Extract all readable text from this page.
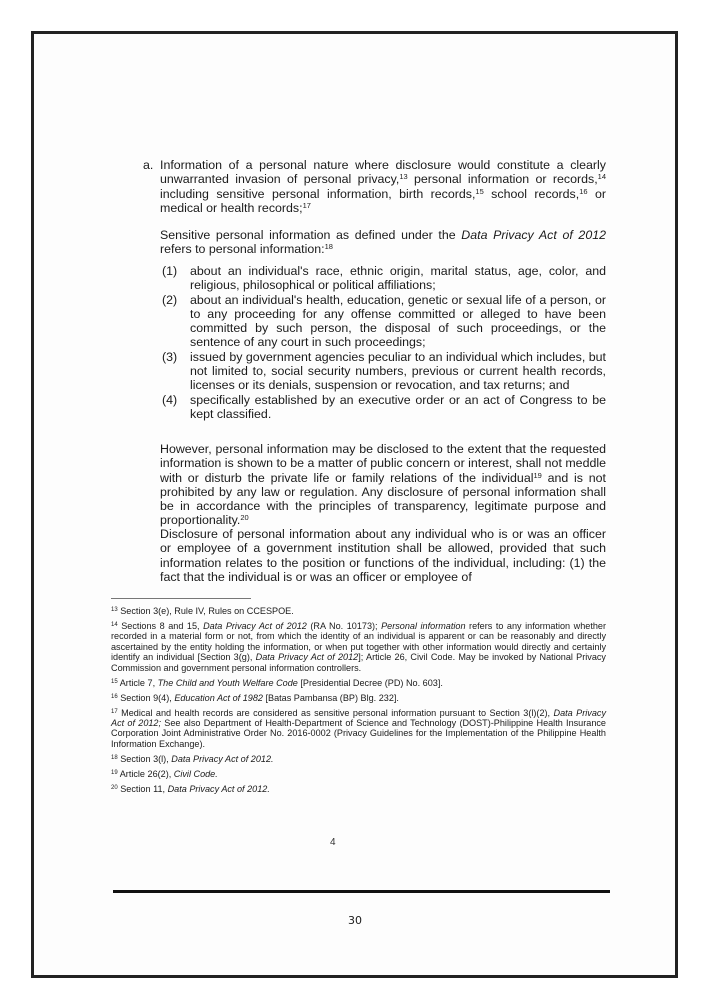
a. Information of a personal nature where disclosure would constitute a clearly unwarranted invasion of personal privacy,$^{13}$ personal information or records,$^{14}$ including sensitive personal information, birth records,$^{15}$ school records,$^{16}$ or medical or health records;$^{17}$

Sensitive personal information as defined under the Data Privacy Act of 2012 refers to personal information:$^{18}$

(1) about an individual's race, ethnic origin, marital status, age, color, and religious, philosophical or political affiliations;
(2) about an individual's health, education, genetic or sexual life of a person, or to any proceeding for any offense committed or alleged to have been committed by such person, the disposal of such proceedings, or the sentence of any court in such proceedings;
(3) issued by government agencies peculiar to an individual which includes, but not limited to, social security numbers, previous or current health records, licenses or its denials, suspension or revocation, and tax returns; and
(4) specifically established by an executive order or an act of Congress to be kept classified.

However, personal information may be disclosed to the extent that the requested information is shown to be a matter of public concern or interest, shall not meddle with or disturb the private life or family relations of the individual$^{19}$ and is not prohibited by any law or regulation. Any disclosure of personal information shall be in accordance with the principles of transparency, legitimate purpose and proportionality.$^{20}$

Disclosure of personal information about any individual who is or was an officer or employee of a government institution shall be allowed, provided that such information relates to the position or functions of the individual, including: (1) the fact that the individual is or was an officer or employee of

$^{13}$ Section 3(e), Rule IV, Rules on CCESPOE.

$^{14}$ Sections 8 and 15, Data Privacy Act of 2012 (RA No. 10173); Personal information refers to any information whether recorded in a material form or not, from which the identity of an individual is apparent or can be reasonably and directly ascertained by the entity holding the information, or when put together with other information would directly and certainly identify an individual [Section 3(g), Data Privacy Act of 2012]; Article 26, Civil Code. May be invoked by National Privacy Commission and government personal information controllers.

$^{15}$ Article 7, The Child and Youth Welfare Code [Presidential Decree (PD) No. 603].

$^{16}$ Section 9(4), Education Act of 1982 [Batas Pambansa (BP) Blg. 232].

$^{17}$ Medical and health records are considered as sensitive personal information pursuant to Section 3(l)(2), Data Privacy Act of 2012; See also Department of Health-Department of Science and Technology (DOST)-Philippine Health Insurance Corporation Joint Administrative Order No. 2016-0002 (Privacy Guidelines for the Implementation of the Philippine Health Information Exchange).

$^{18}$ Section 3(l), Data Privacy Act of 2012.

$^{19}$ Article 26(2), Civil Code.

$^{20}$ Section 11, Data Privacy Act of 2012.

4
30
